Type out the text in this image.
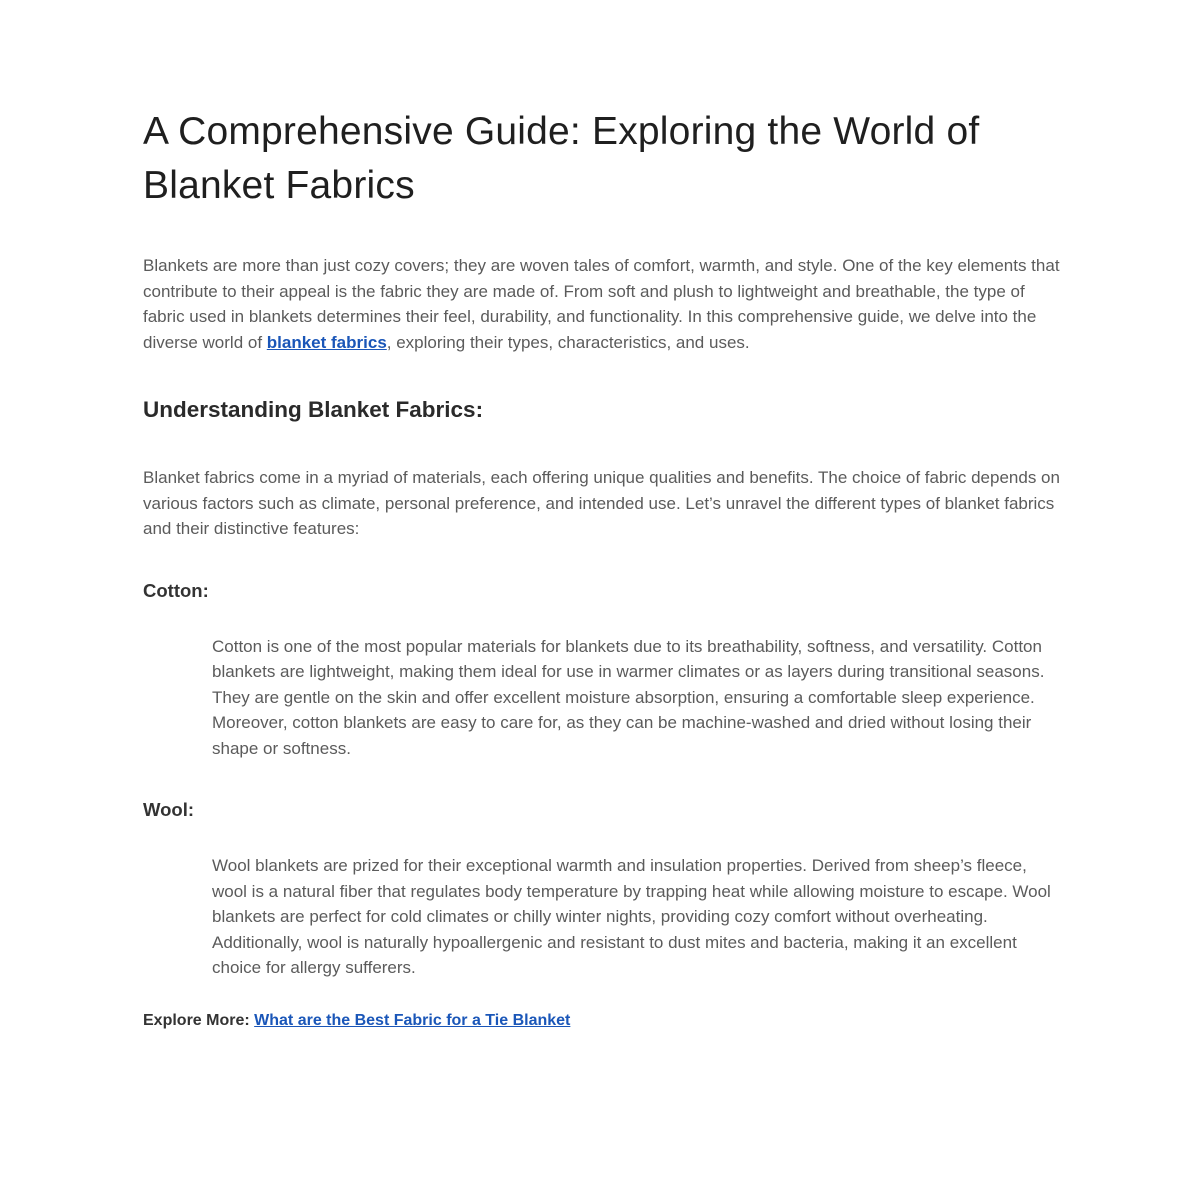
A Comprehensive Guide: Exploring the World of Blanket Fabrics

Blankets are more than just cozy covers; they are woven tales of comfort, warmth, and style. One of the key elements that contribute to their appeal is the fabric they are made of. From soft and plush to lightweight and breathable, the type of fabric used in blankets determines their feel, durability, and functionality. In this comprehensive guide, we delve into the diverse world of blanket fabrics, exploring their types, characteristics, and uses.

Understanding Blanket Fabrics:

Blanket fabrics come in a myriad of materials, each offering unique qualities and benefits. The choice of fabric depends on various factors such as climate, personal preference, and intended use. Let’s unravel the different types of blanket fabrics and their distinctive features:

Cotton:

Cotton is one of the most popular materials for blankets due to its breathability, softness, and versatility. Cotton blankets are lightweight, making them ideal for use in warmer climates or as layers during transitional seasons. They are gentle on the skin and offer excellent moisture absorption, ensuring a comfortable sleep experience. Moreover, cotton blankets are easy to care for, as they can be machine-washed and dried without losing their shape or softness.

Wool:

Wool blankets are prized for their exceptional warmth and insulation properties. Derived from sheep’s fleece, wool is a natural fiber that regulates body temperature by trapping heat while allowing moisture to escape. Wool blankets are perfect for cold climates or chilly winter nights, providing cozy comfort without overheating. Additionally, wool is naturally hypoallergenic and resistant to dust mites and bacteria, making it an excellent choice for allergy sufferers.

Explore More: What are the Best Fabric for a Tie Blanket
